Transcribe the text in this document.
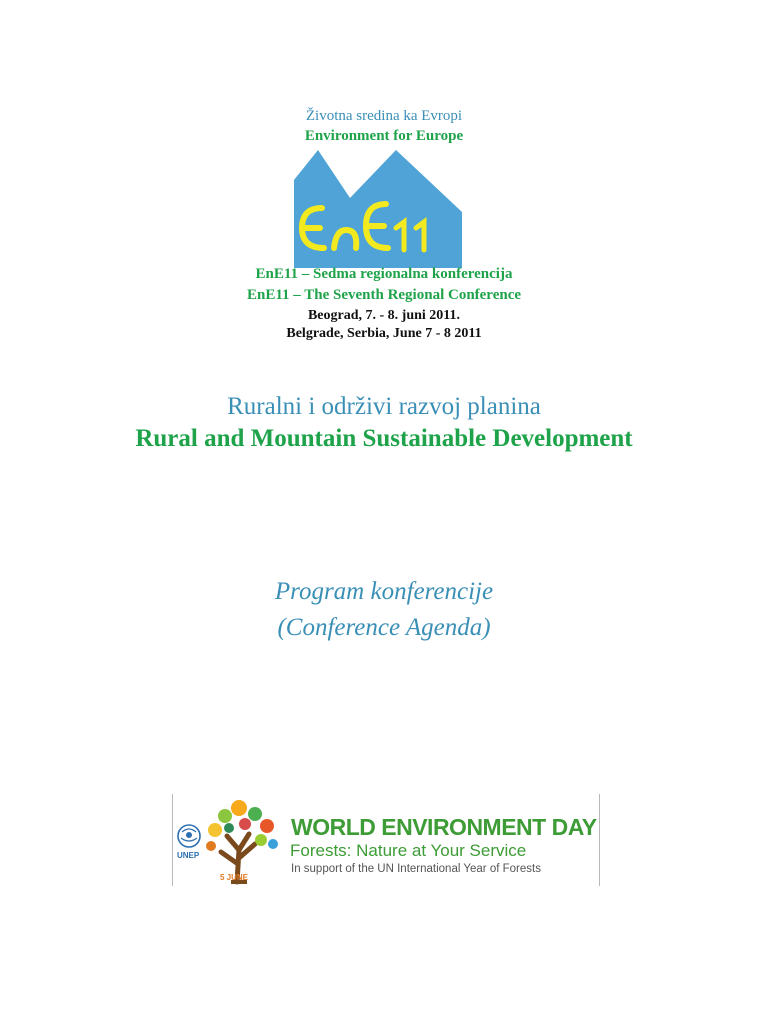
Životna sredina ka Evropi
Environment for Europe
EnE11 – Sedma regionalna konferencija
EnE11 – The Seventh Regional Conference
Beograd, 7. - 8. juni 2011.
Belgrade, Serbia, June 7 - 8 2011
Ruralni i održivi razvoj planina
Rural and Mountain Sustainable Development
Program konferencije
(Conference Agenda)
UNEP
5 JUNE
WORLD ENVIRONMENT DAY
Forests: Nature at Your Service
In support of the UN International Year of Forests
